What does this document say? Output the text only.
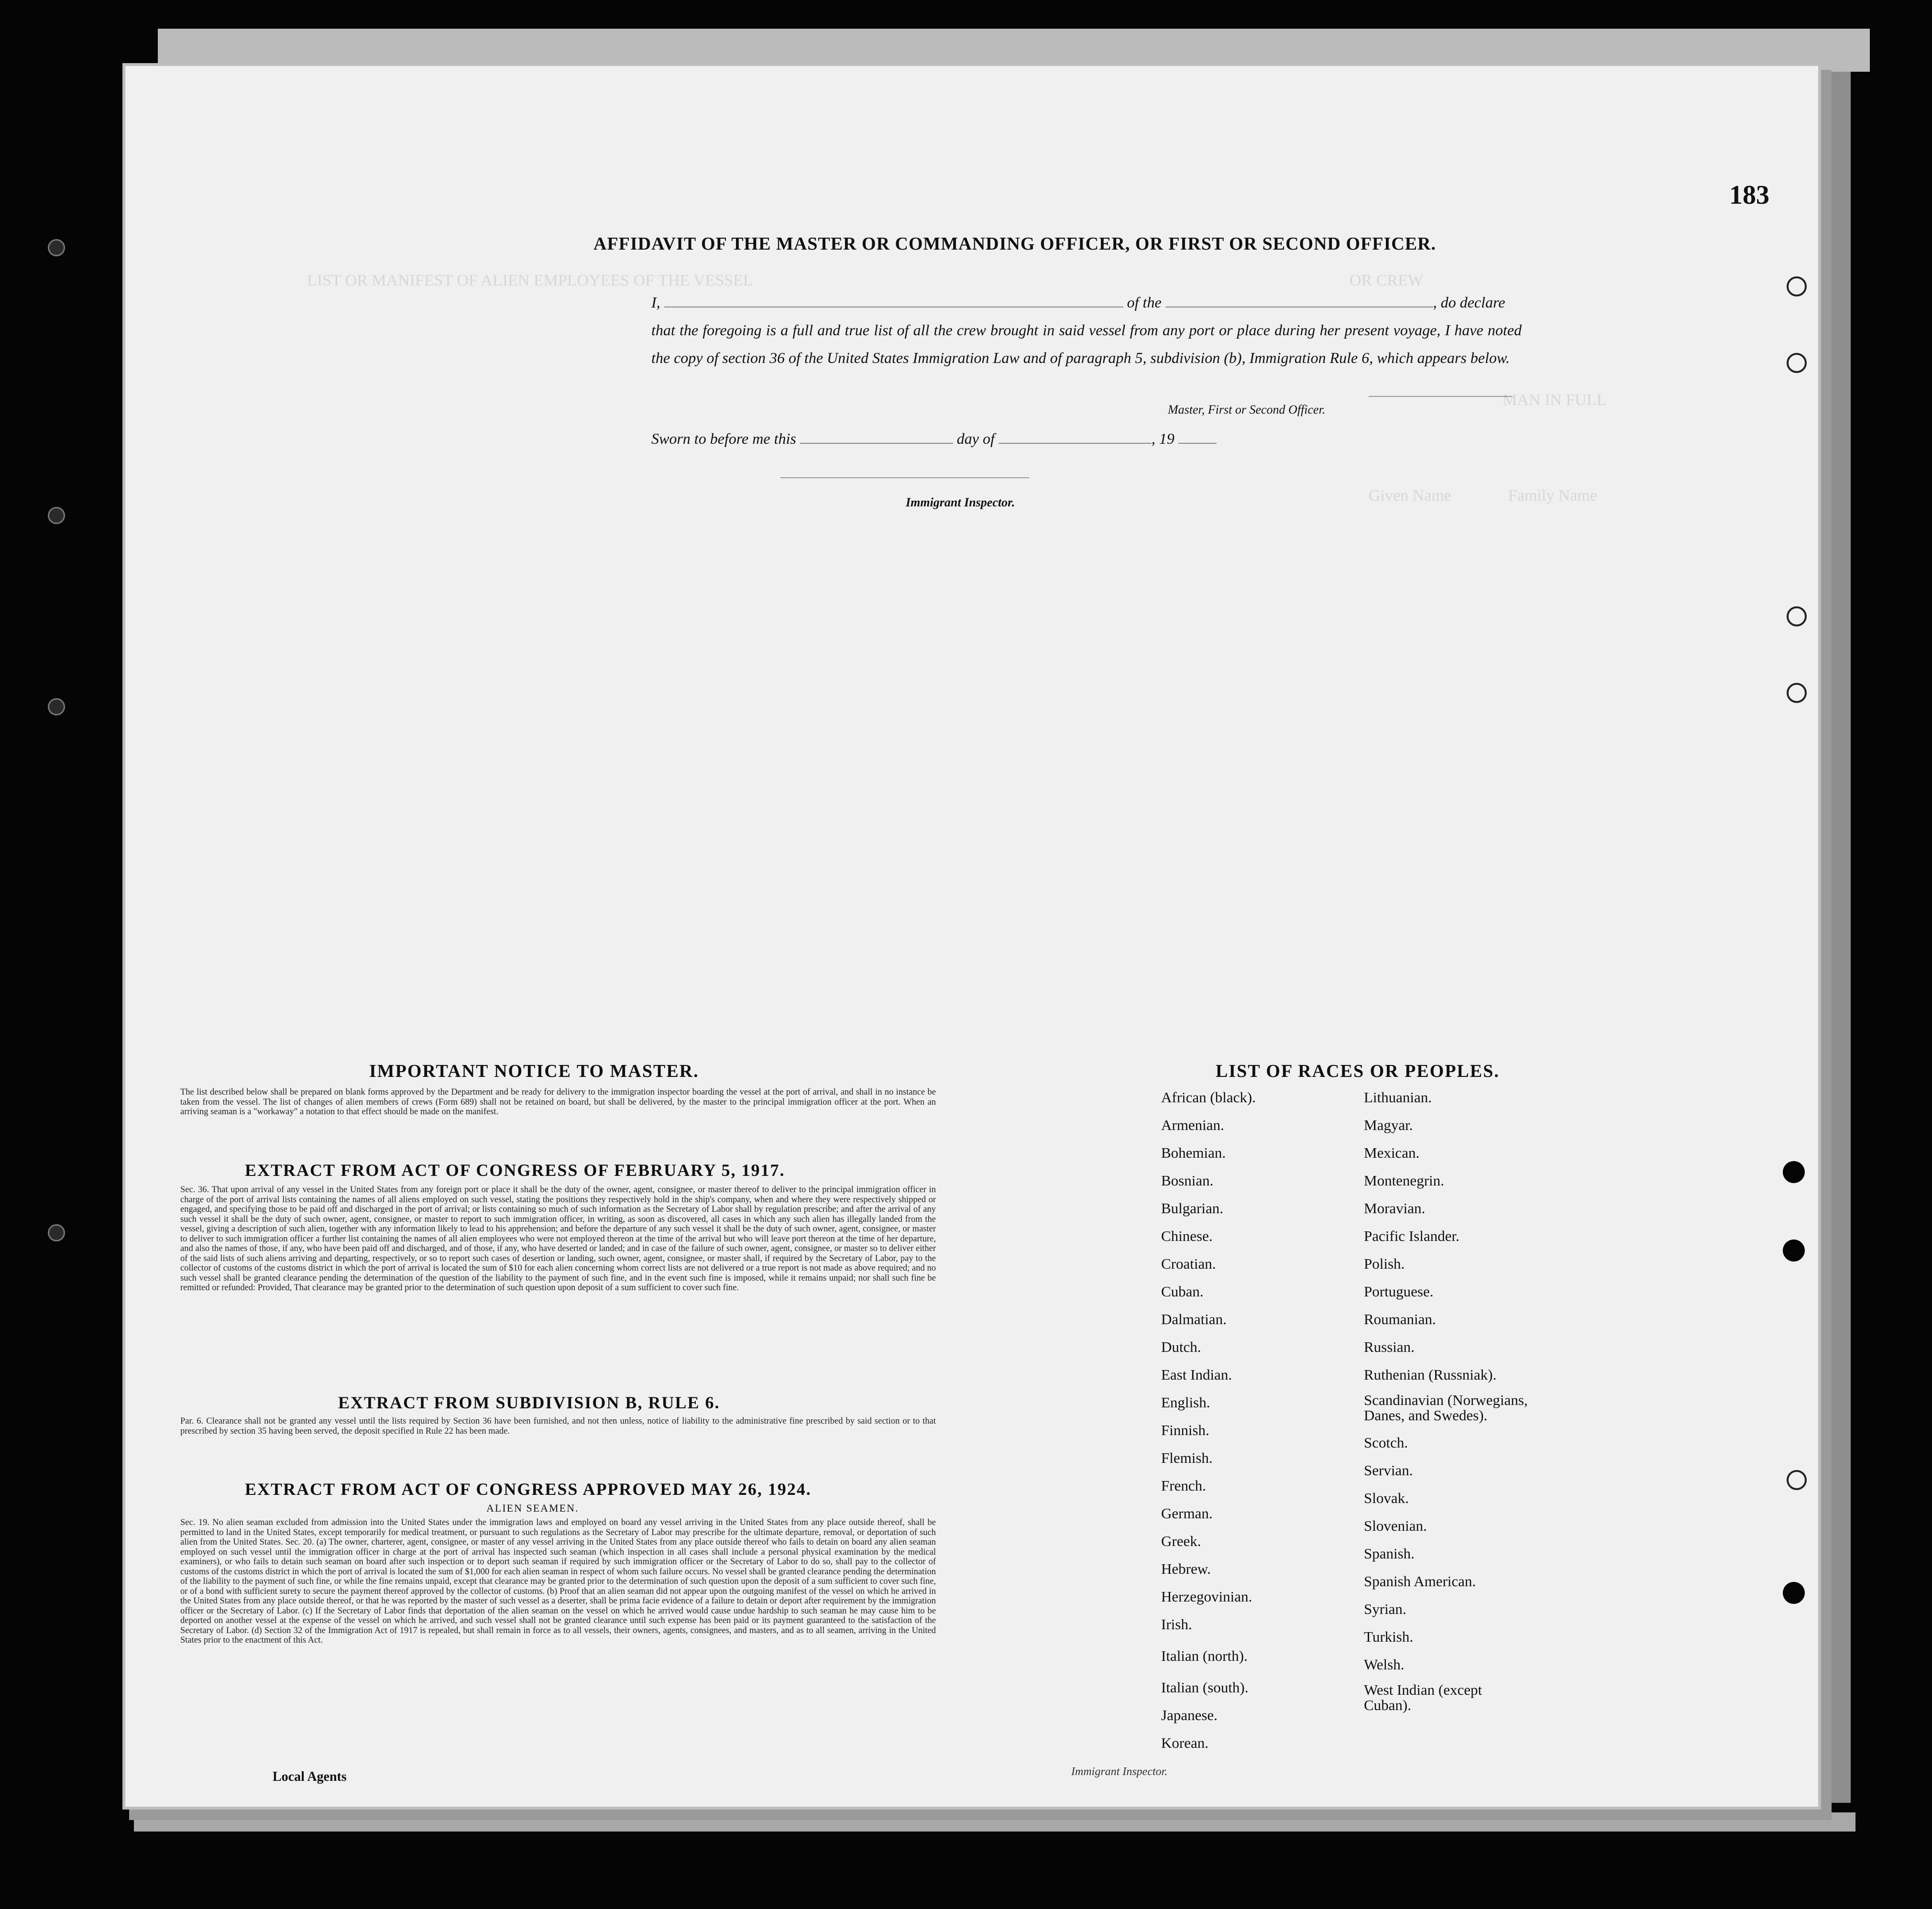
LIST OR MANIFEST OF ALIEN EMPLOYEES OF THE VESSEL	OR CREW
MAN IN FULL
Given Name              Family Name
183
AFFIDAVIT OF THE MASTER OR COMMANDING OFFICER, OR FIRST OR SECOND OFFICER.
I,	of the	, do declare
that the foregoing is a full and true list of all the crew brought in said vessel from any port or place during her present voyage, I have noted the copy of section 36 of the United States Immigration Law and of paragraph 5, subdivision (b), Immigration Rule 6, which appears below.
Master, First or Second Officer.
Sworn to before me this	day of	, 19
Immigrant Inspector.
IMPORTANT NOTICE TO MASTER.
The list described below shall be prepared on blank forms approved by the Department and be ready for delivery to the immigration inspector boarding the vessel at the port of arrival, and shall in no instance be taken from the vessel. The list of changes of alien members of crews (Form 689) shall not be retained on board, but shall be delivered, by the master to the principal immigration officer at the port. When an arriving seaman is a "workaway" a notation to that effect should be made on the manifest.
EXTRACT FROM ACT OF CONGRESS OF FEBRUARY 5, 1917.
Sec. 36. That upon arrival of any vessel in the United States from any foreign port or place it shall be the duty of the owner, agent, consignee, or master thereof to deliver to the principal immigration officer in charge of the port of arrival lists containing the names of all aliens employed on such vessel, stating the positions they respectively hold in the ship's company, when and where they were respectively shipped or engaged, and specifying those to be paid off and discharged in the port of arrival; or lists containing so much of such information as the Secretary of Labor shall by regulation prescribe; and after the arrival of any such vessel it shall be the duty of such owner, agent, consignee, or master to report to such immigration officer, in writing, as soon as discovered, all cases in which any such alien has illegally landed from the vessel, giving a description of such alien, together with any information likely to lead to his apprehension; and before the departure of any such vessel it shall be the duty of such owner, agent, consignee, or master to deliver to such immigration officer a further list containing the names of all alien employees who were not employed thereon at the time of the arrival but who will leave port thereon at the time of her departure, and also the names of those, if any, who have been paid off and discharged, and of those, if any, who have deserted or landed; and in case of the failure of such owner, agent, consignee, or master so to deliver either of the said lists of such aliens arriving and departing, respectively, or so to report such cases of desertion or landing, such owner, agent, consignee, or master shall, if required by the Secretary of Labor, pay to the collector of customs of the customs district in which the port of arrival is located the sum of $10 for each alien concerning whom correct lists are not delivered or a true report is not made as above required; and no such vessel shall be granted clearance pending the determination of the question of the liability to the payment of such fine, and in the event such fine is imposed, while it remains unpaid; nor shall such fine be remitted or refunded: Provided, That clearance may be granted prior to the determination of such question upon deposit of a sum sufficient to cover such fine.
EXTRACT FROM SUBDIVISION B, RULE 6.
Par. 6. Clearance shall not be granted any vessel until the lists required by Section 36 have been furnished, and not then unless, notice of liability to the administrative fine prescribed by said section or to that prescribed by section 35 having been served, the deposit specified in Rule 22 has been made.
EXTRACT FROM ACT OF CONGRESS APPROVED MAY 26, 1924.
ALIEN SEAMEN.
Sec. 19. No alien seaman excluded from admission into the United States under the immigration laws and employed on board any vessel arriving in the United States from any place outside thereof, shall be permitted to land in the United States, except temporarily for medical treatment, or pursuant to such regulations as the Secretary of Labor may prescribe for the ultimate departure, removal, or deportation of such alien from the United States. Sec. 20. (a) The owner, charterer, agent, consignee, or master of any vessel arriving in the United States from any place outside thereof who fails to detain on board any alien seaman employed on such vessel until the immigration officer in charge at the port of arrival has inspected such seaman (which inspection in all cases shall include a personal physical examination by the medical examiners), or who fails to detain such seaman on board after such inspection or to deport such seaman if required by such immigration officer or the Secretary of Labor to do so, shall pay to the collector of customs of the customs district in which the port of arrival is located the sum of $1,000 for each alien seaman in respect of whom such failure occurs. No vessel shall be granted clearance pending the determination of the liability to the payment of such fine, or while the fine remains unpaid, except that clearance may be granted prior to the determination of such question upon the deposit of a sum sufficient to cover such fine, or of a bond with sufficient surety to secure the payment thereof approved by the collector of customs. (b) Proof that an alien seaman did not appear upon the outgoing manifest of the vessel on which he arrived in the United States from any place outside thereof, or that he was reported by the master of such vessel as a deserter, shall be prima facie evidence of a failure to detain or deport after requirement by the immigration officer or the Secretary of Labor. (c) If the Secretary of Labor finds that deportation of the alien seaman on the vessel on which he arrived would cause undue hardship to such seaman he may cause him to be deported on another vessel at the expense of the vessel on which he arrived, and such vessel shall not be granted clearance until such expense has been paid or its payment guaranteed to the satisfaction of the Secretary of Labor. (d) Section 32 of the Immigration Act of 1917 is repealed, but shall remain in force as to all vessels, their owners, agents, consignees, and masters, and as to all seamen, arriving in the United States prior to the enactment of this Act.
LIST OF RACES OR PEOPLES.
African (black).
Armenian.
Bohemian.
Bosnian.
Bulgarian.
Chinese.
Croatian.
Cuban.
Dalmatian.
Dutch.
East Indian.
English.
Finnish.
Flemish.
French.
German.
Greek.
Hebrew.
Herzegovinian.
Irish.
Italian (north).
Italian (south).
Japanese.
Korean.
Lithuanian.
Magyar.
Mexican.
Montenegrin.
Moravian.
Pacific Islander.
Polish.
Portuguese.
Roumanian.
Russian.
Ruthenian (Russniak).
Scandinavian (Norwegians, Danes, and Swedes).
Scotch.
Servian.
Slovak.
Slovenian.
Spanish.
Spanish American.
Syrian.
Turkish.
Welsh.
West Indian (except Cuban).
Local Agents	Immigrant Inspector.
